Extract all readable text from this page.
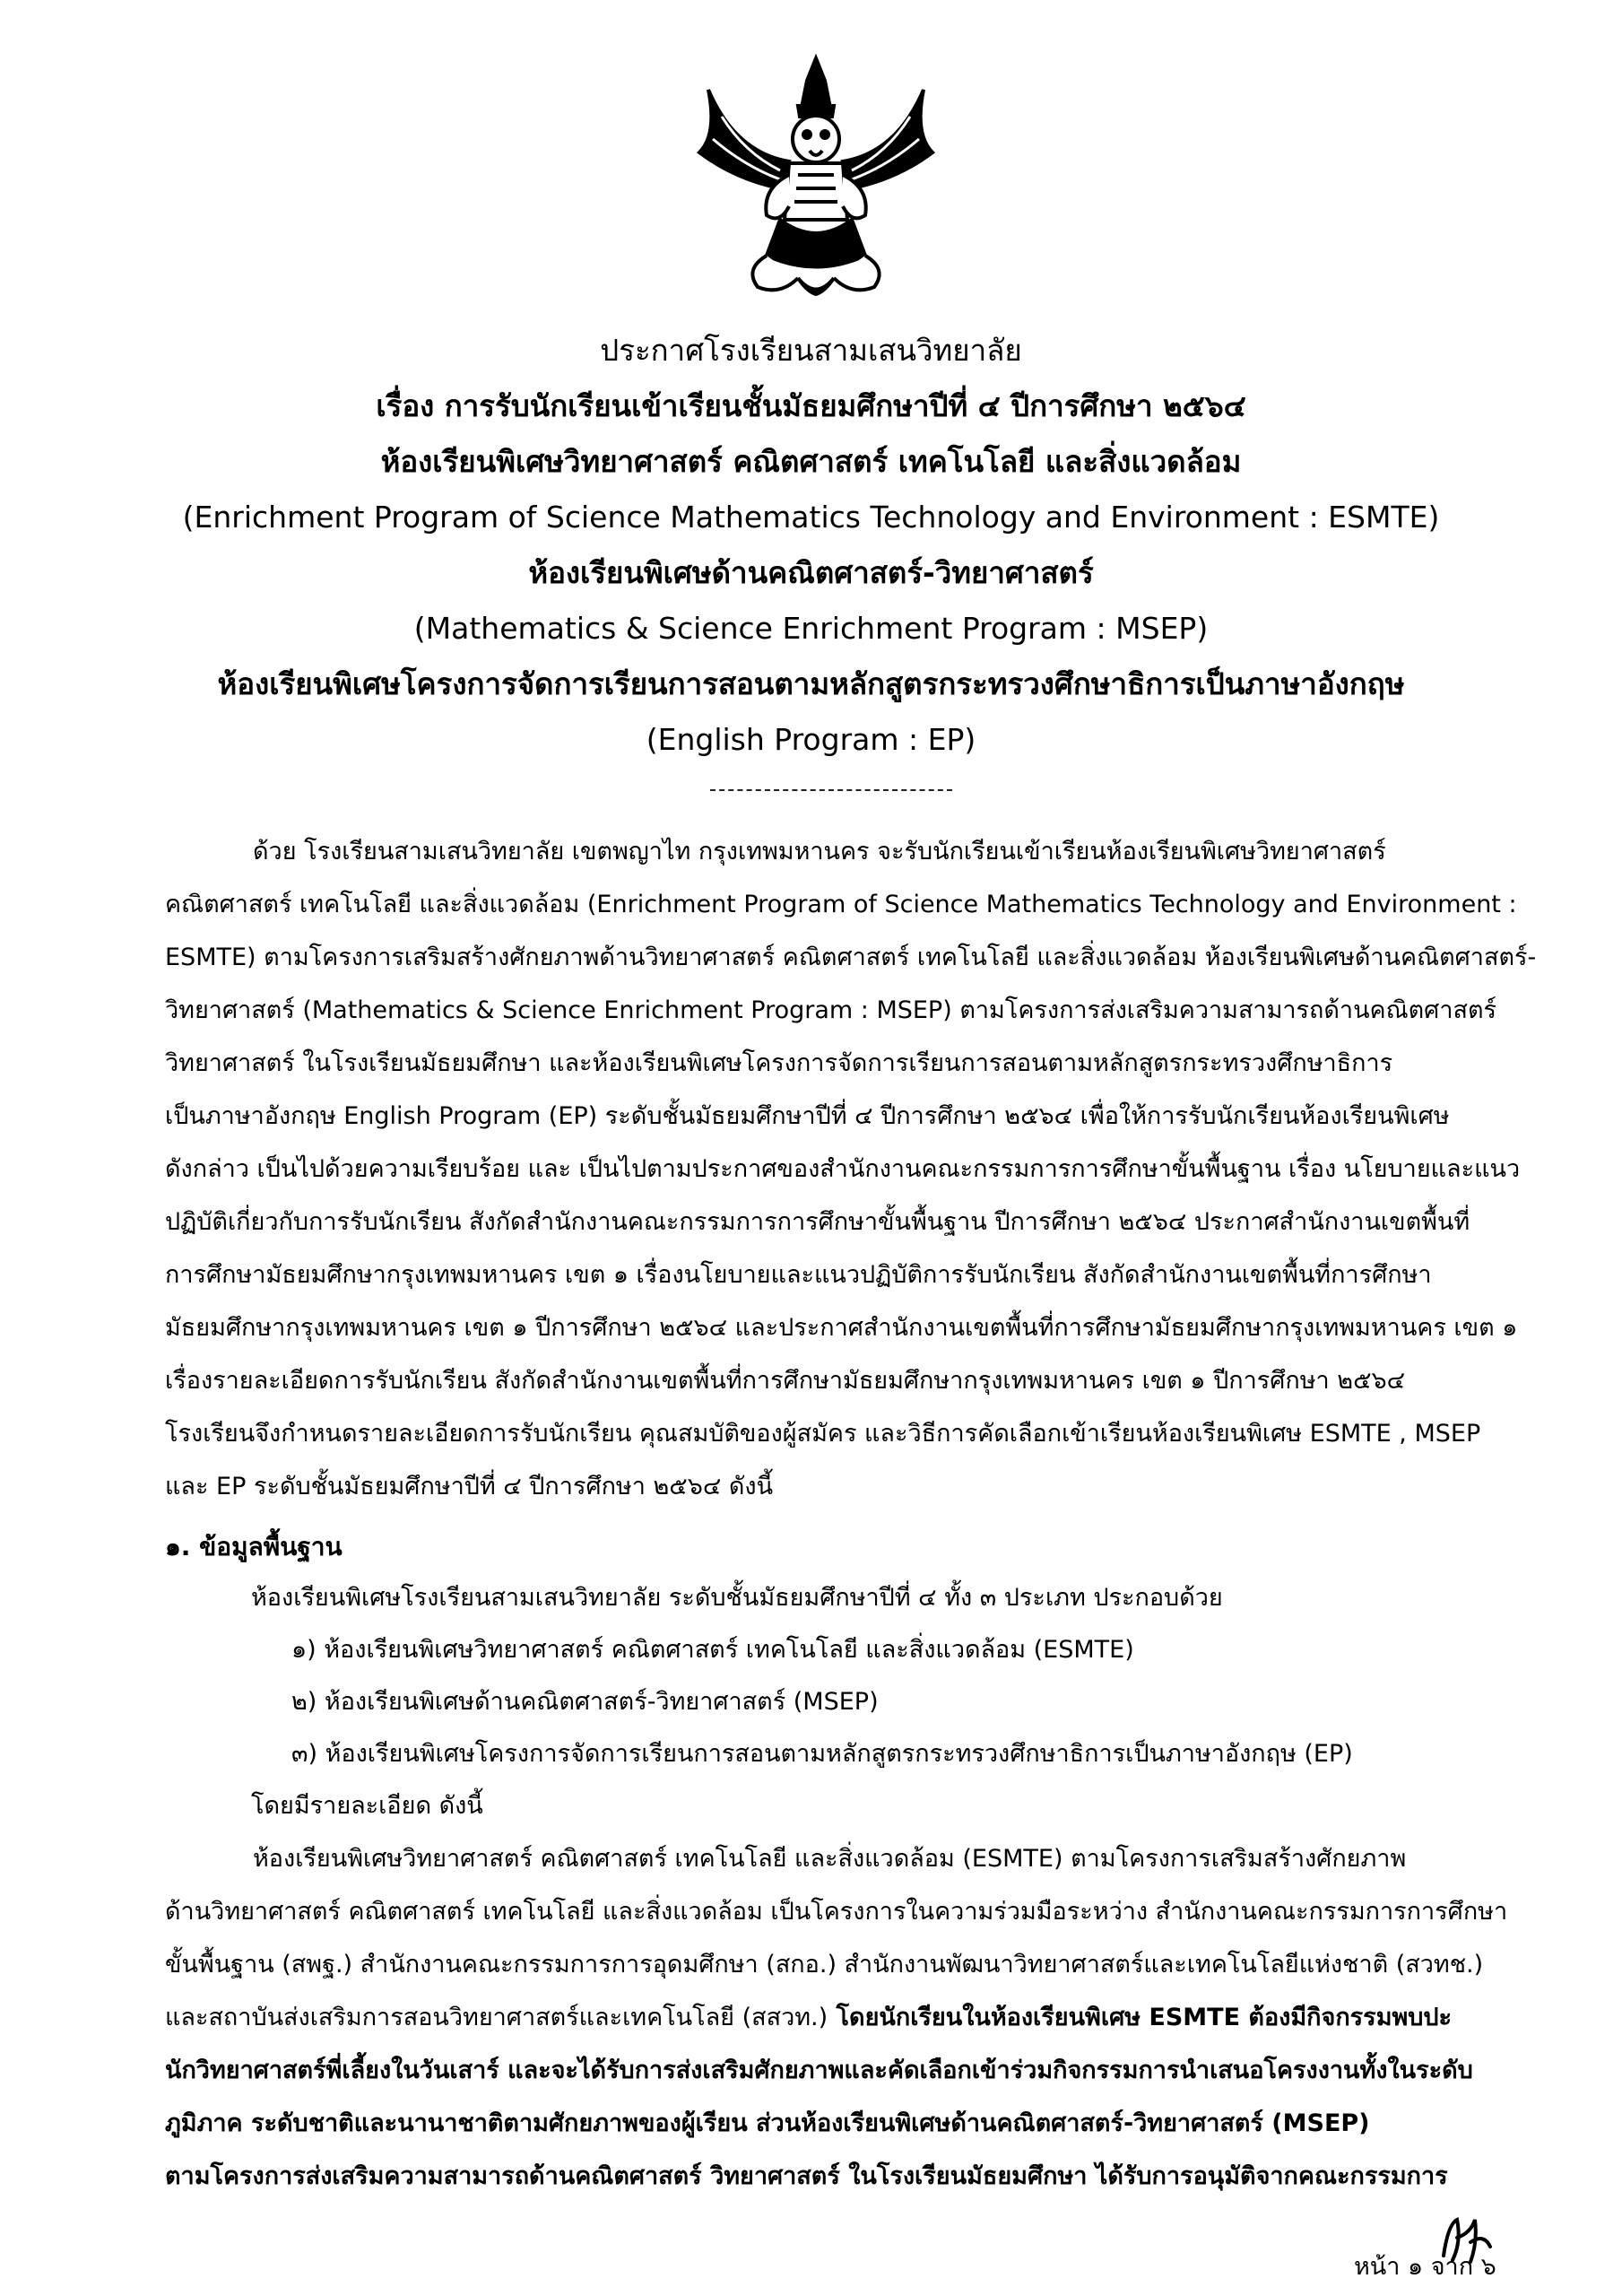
ประกาศโรงเรียนสามเสนวิทยาลัย
เรื่อง การรับนักเรียนเข้าเรียนชั้นมัธยมศึกษาปีที่ ๔ ปีการศึกษา ๒๕๖๔
ห้องเรียนพิเศษวิทยาศาสตร์ คณิตศาสตร์ เทคโนโลยี และสิ่งแวดล้อม
(Enrichment Program of Science Mathematics Technology and Environment : ESMTE)
ห้องเรียนพิเศษด้านคณิตศาสตร์-วิทยาศาสตร์
(Mathematics & Science Enrichment Program : MSEP)
ห้องเรียนพิเศษโครงการจัดการเรียนการสอนตามหลักสูตรกระทรวงศึกษาธิการเป็นภาษาอังกฤษ
(English Program : EP)
ด้วย โรงเรียนสามเสนวิทยาลัย เขตพญาไท กรุงเทพมหานคร จะรับนักเรียนเข้าเรียนห้องเรียนพิเศษวิทยาศาสตร์
คณิตศาสตร์ เทคโนโลยี และสิ่งแวดล้อม (Enrichment Program of Science Mathematics Technology and Environment :
ESMTE) ตามโครงการเสริมสร้างศักยภาพด้านวิทยาศาสตร์ คณิตศาสตร์ เทคโนโลยี และสิ่งแวดล้อม ห้องเรียนพิเศษด้านคณิตศาสตร์-
วิทยาศาสตร์ (Mathematics & Science Enrichment Program : MSEP) ตามโครงการส่งเสริมความสามารถด้านคณิตศาสตร์
วิทยาศาสตร์ ในโรงเรียนมัธยมศึกษา และห้องเรียนพิเศษโครงการจัดการเรียนการสอนตามหลักสูตรกระทรวงศึกษาธิการ
เป็นภาษาอังกฤษ English Program (EP) ระดับชั้นมัธยมศึกษาปีที่ ๔ ปีการศึกษา ๒๕๖๔ เพื่อให้การรับนักเรียนห้องเรียนพิเศษ
ดังกล่าว เป็นไปด้วยความเรียบร้อย และ เป็นไปตามประกาศของสำนักงานคณะกรรมการการศึกษาขั้นพื้นฐาน เรื่อง นโยบายและแนว
ปฏิบัติเกี่ยวกับการรับนักเรียน สังกัดสำนักงานคณะกรรมการการศึกษาขั้นพื้นฐาน ปีการศึกษา ๒๕๖๔ ประกาศสำนักงานเขตพื้นที่
การศึกษามัธยมศึกษากรุงเทพมหานคร เขต ๑ เรื่องนโยบายและแนวปฏิบัติการรับนักเรียน สังกัดสำนักงานเขตพื้นที่การศึกษา
มัธยมศึกษากรุงเทพมหานคร เขต ๑ ปีการศึกษา ๒๕๖๔ และประกาศสำนักงานเขตพื้นที่การศึกษามัธยมศึกษากรุงเทพมหานคร เขต ๑
เรื่องรายละเอียดการรับนักเรียน สังกัดสำนักงานเขตพื้นที่การศึกษามัธยมศึกษากรุงเทพมหานคร เขต ๑ ปีการศึกษา ๒๕๖๔
โรงเรียนจึงกำหนดรายละเอียดการรับนักเรียน คุณสมบัติของผู้สมัคร และวิธีการคัดเลือกเข้าเรียนห้องเรียนพิเศษ ESMTE , MSEP
และ EP ระดับชั้นมัธยมศึกษาปีที่ ๔ ปีการศึกษา ๒๕๖๔ ดังนี้
๑. ข้อมูลพื้นฐาน
ห้องเรียนพิเศษโรงเรียนสามเสนวิทยาลัย ระดับชั้นมัธยมศึกษาปีที่ ๔ ทั้ง ๓ ประเภท ประกอบด้วย
๑) ห้องเรียนพิเศษวิทยาศาสตร์ คณิตศาสตร์ เทคโนโลยี และสิ่งแวดล้อม (ESMTE)
๒) ห้องเรียนพิเศษด้านคณิตศาสตร์-วิทยาศาสตร์ (MSEP)
๓) ห้องเรียนพิเศษโครงการจัดการเรียนการสอนตามหลักสูตรกระทรวงศึกษาธิการเป็นภาษาอังกฤษ (EP)
โดยมีรายละเอียด ดังนี้
ห้องเรียนพิเศษวิทยาศาสตร์ คณิตศาสตร์ เทคโนโลยี และสิ่งแวดล้อม (ESMTE) ตามโครงการเสริมสร้างศักยภาพ
ด้านวิทยาศาสตร์ คณิตศาสตร์ เทคโนโลยี และสิ่งแวดล้อม เป็นโครงการในความร่วมมือระหว่าง สำนักงานคณะกรรมการการศึกษา
ขั้นพื้นฐาน (สพฐ.) สำนักงานคณะกรรมการการอุดมศึกษา (สกอ.) สำนักงานพัฒนาวิทยาศาสตร์และเทคโนโลยีแห่งชาติ (สวทช.)
และสถาบันส่งเสริมการสอนวิทยาศาสตร์และเทคโนโลยี (สสวท.) โดยนักเรียนในห้องเรียนพิเศษ ESMTE ต้องมีกิจกรรมพบปะ
นักวิทยาศาสตร์พี่เลี้ยงในวันเสาร์ และจะได้รับการส่งเสริมศักยภาพและคัดเลือกเข้าร่วมกิจกรรมการนำเสนอโครงงานทั้งในระดับ
ภูมิภาค ระดับชาติและนานาชาติตามศักยภาพของผู้เรียน ส่วนห้องเรียนพิเศษด้านคณิตศาสตร์-วิทยาศาสตร์ (MSEP)
ตามโครงการส่งเสริมความสามารถด้านคณิตศาสตร์ วิทยาศาสตร์ ในโรงเรียนมัธยมศึกษา ได้รับการอนุมัติจากคณะกรรมการ
หน้า ๑ จาก ๖
